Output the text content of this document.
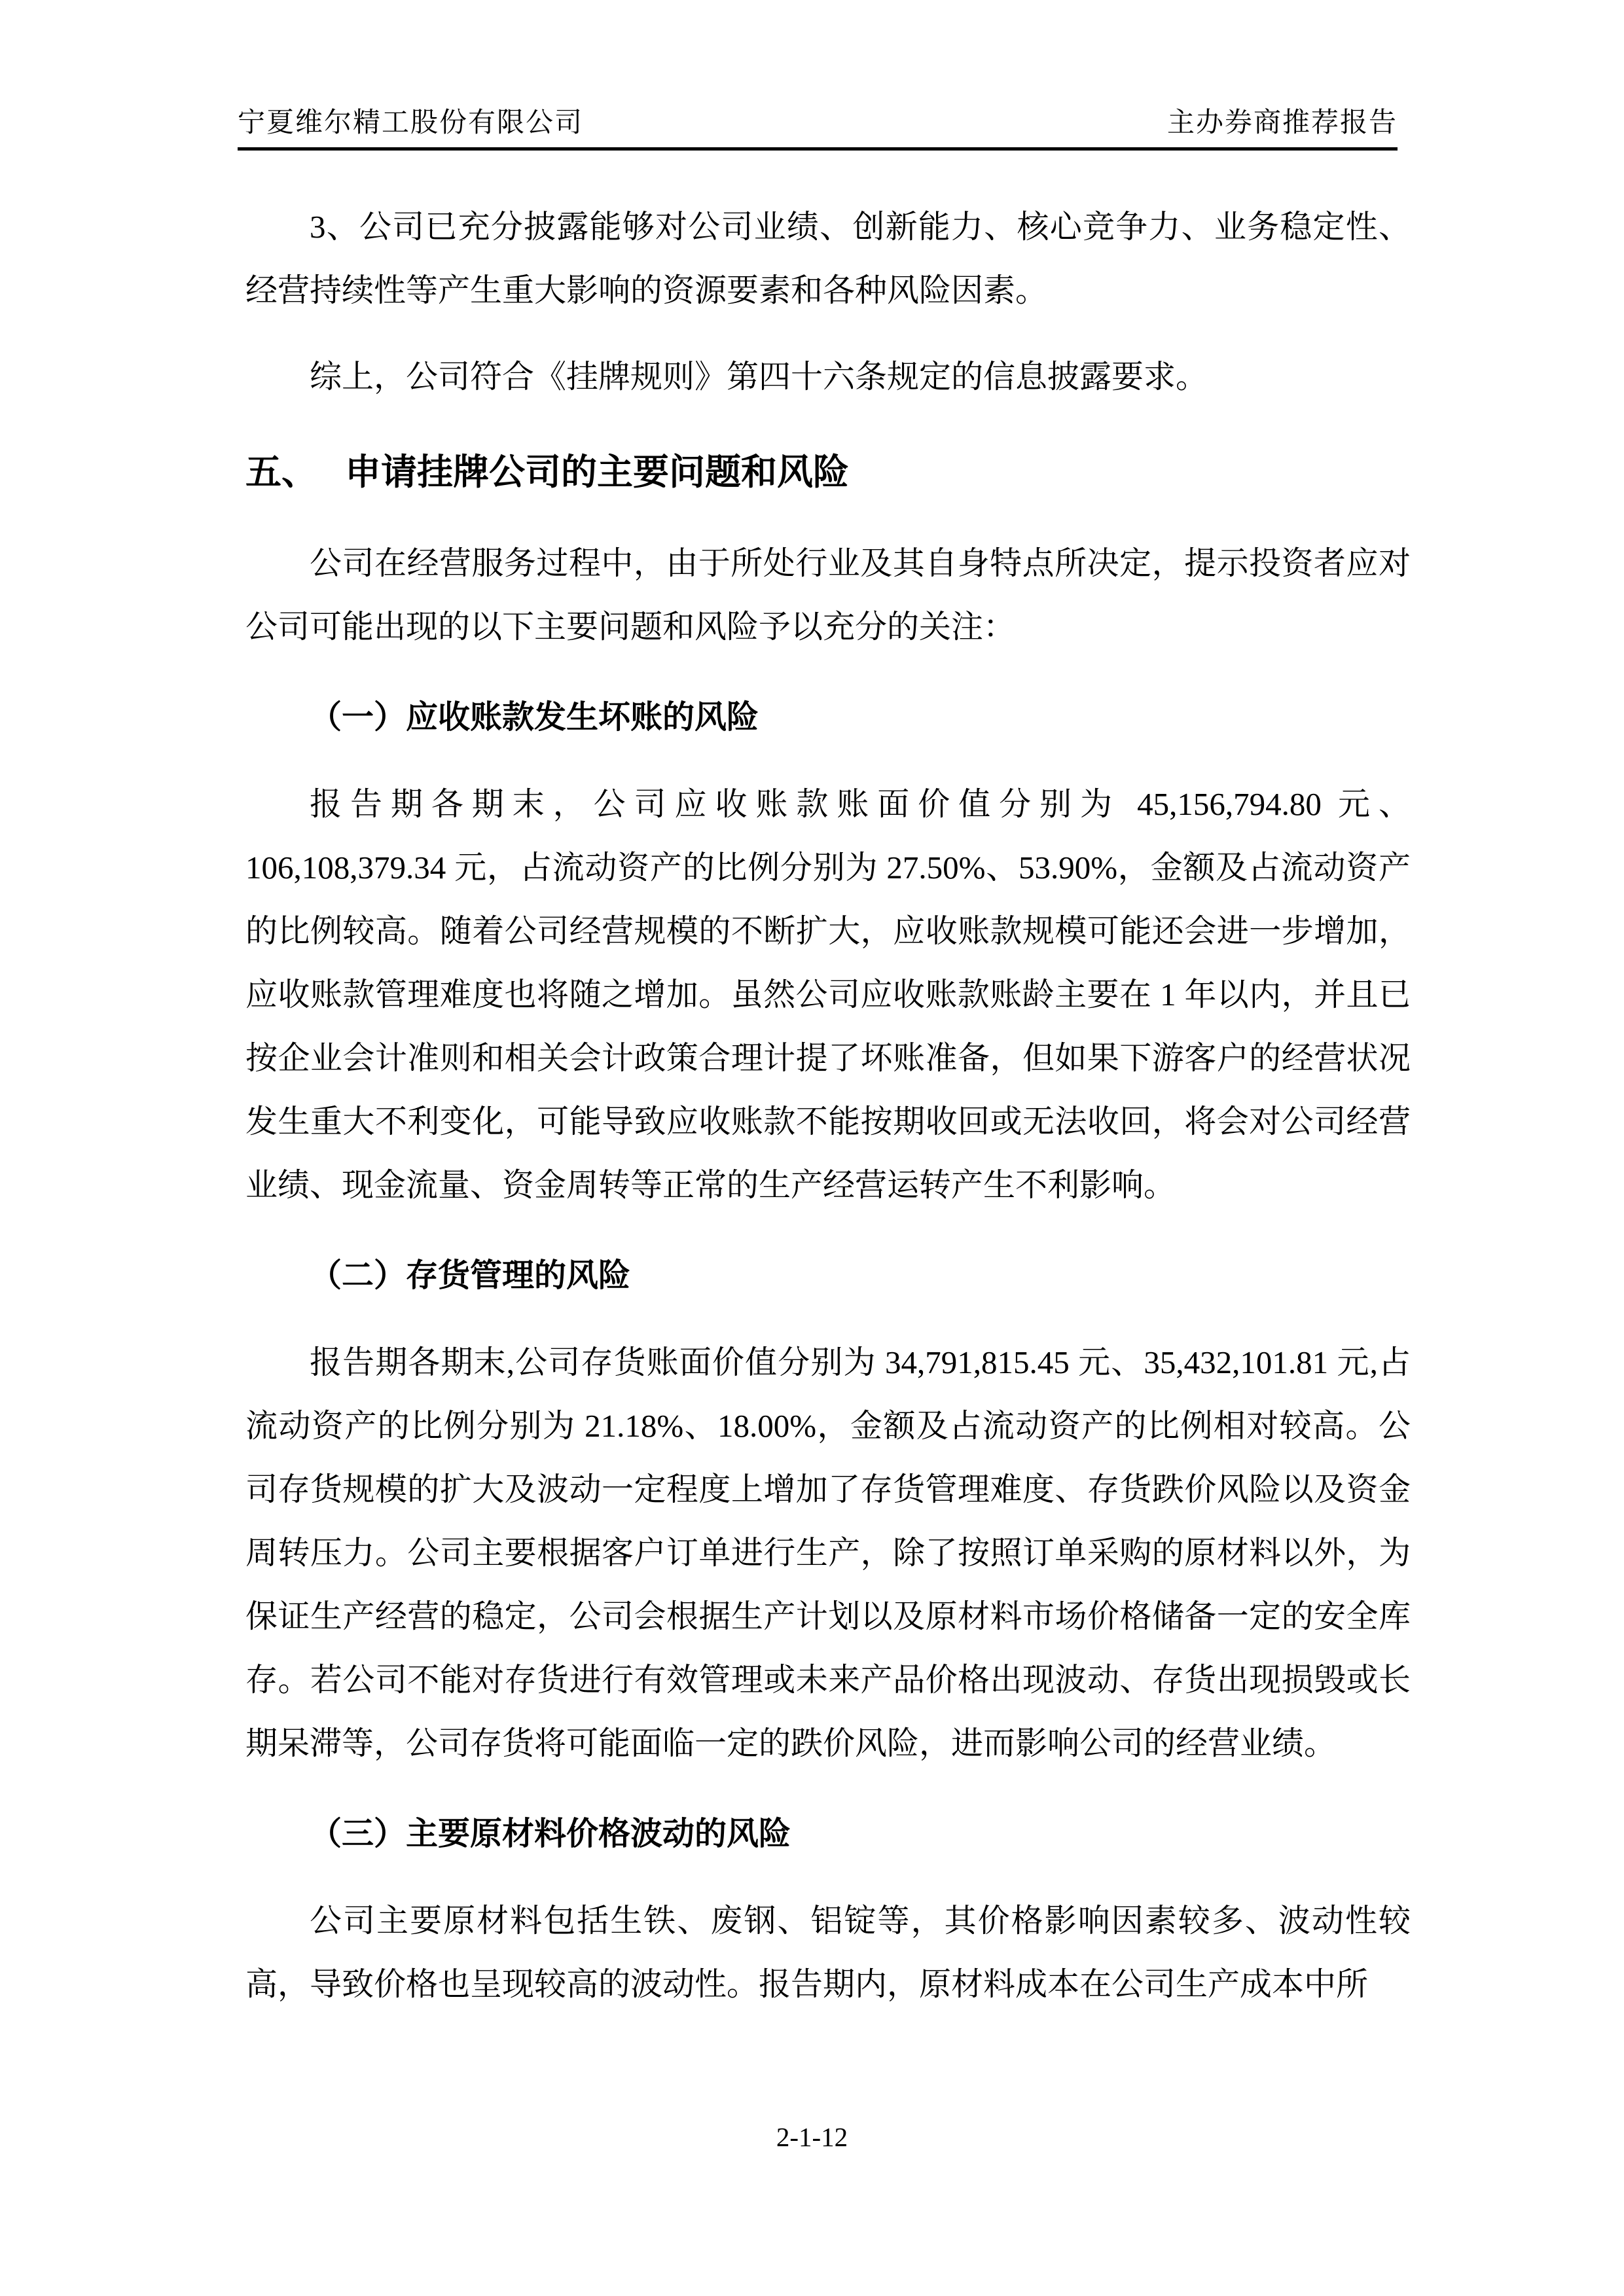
宁夏维尔精工股份有限公司	主办券商推荐报告

3、公司已充分披露能够对公司业绩、创新能力、核心竞争力、业务稳定性、经营持续性等产生重大影响的资源要素和各种风险因素。

综上，公司符合《挂牌规则》第四十六条规定的信息披露要求。

五、 申请挂牌公司的主要问题和风险

公司在经营服务过程中，由于所处行业及其自身特点所决定，提示投资者应对公司可能出现的以下主要问题和风险予以充分的关注：

（一）应收账款发生坏账的风险

报告期各期末，公司应收账款账面价值分别为 45,156,794.80 元、106,108,379.34 元，占流动资产的比例分别为 27.50%、53.90%，金额及占流动资产的比例较高。随着公司经营规模的不断扩大，应收账款规模可能还会进一步增加，应收账款管理难度也将随之增加。虽然公司应收账款账龄主要在 1 年以内，并且已按企业会计准则和相关会计政策合理计提了坏账准备，但如果下游客户的经营状况发生重大不利变化，可能导致应收账款不能按期收回或无法收回，将会对公司经营业绩、现金流量、资金周转等正常的生产经营运转产生不利影响。

（二）存货管理的风险

报告期各期末,公司存货账面价值分别为 34,791,815.45 元、35,432,101.81 元,占流动资产的比例分别为 21.18%、18.00%，金额及占流动资产的比例相对较高。公司存货规模的扩大及波动一定程度上增加了存货管理难度、存货跌价风险以及资金周转压力。公司主要根据客户订单进行生产，除了按照订单采购的原材料以外，为保证生产经营的稳定，公司会根据生产计划以及原材料市场价格储备一定的安全库存。若公司不能对存货进行有效管理或未来产品价格出现波动、存货出现损毁或长期呆滞等，公司存货将可能面临一定的跌价风险，进而影响公司的经营业绩。

（三）主要原材料价格波动的风险

公司主要原材料包括生铁、废钢、铝锭等，其价格影响因素较多、波动性较高，导致价格也呈现较高的波动性。报告期内，原材料成本在公司生产成本中所

2-1-12
